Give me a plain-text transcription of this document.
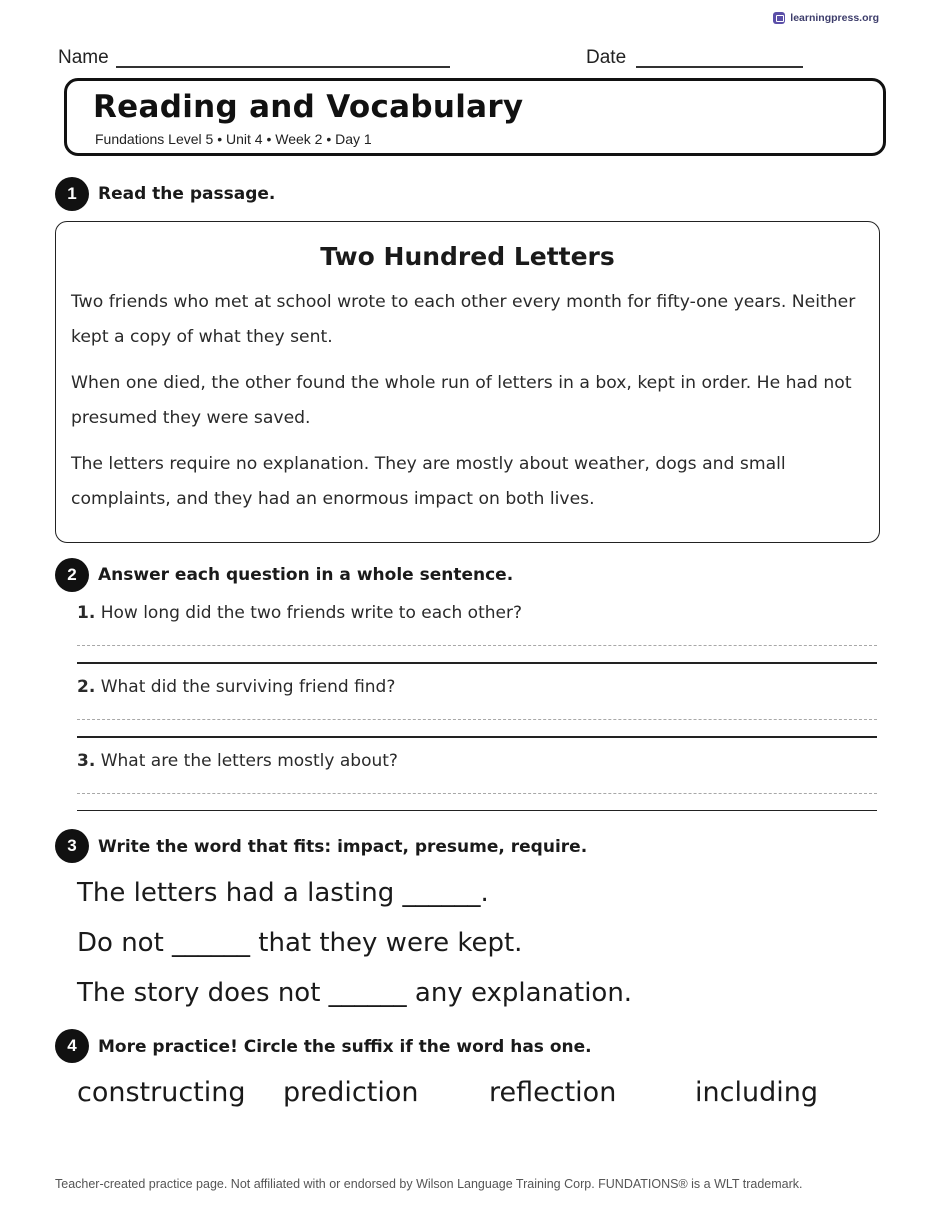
learningpress.org
Name	Date
Reading and Vocabulary
Fundations Level 5 • Unit 4 • Week 2 • Day 1
1	Read the passage.
Two Hundred Letters
Two friends who met at school wrote to each other every month for fifty-one years. Neither kept a copy of what they sent.
When one died, the other found the whole run of letters in a box, kept in order. He had not presumed they were saved.
The letters require no explanation. They are mostly about weather, dogs and small complaints, and they had an enormous impact on both lives.
2	Answer each question in a whole sentence.
1. How long did the two friends write to each other?
2. What did the surviving friend find?
3. What are the letters mostly about?
3	Write the word that fits: impact, presume, require.
The letters had a lasting ______.
Do not ______ that they were kept.
The story does not ______ any explanation.
4	More practice! Circle the suffix if the word has one.
constructing prediction	reflection	including
Teacher-created practice page. Not affiliated with or endorsed by Wilson Language Training Corp. FUNDATIONS® is a WLT trademark.
